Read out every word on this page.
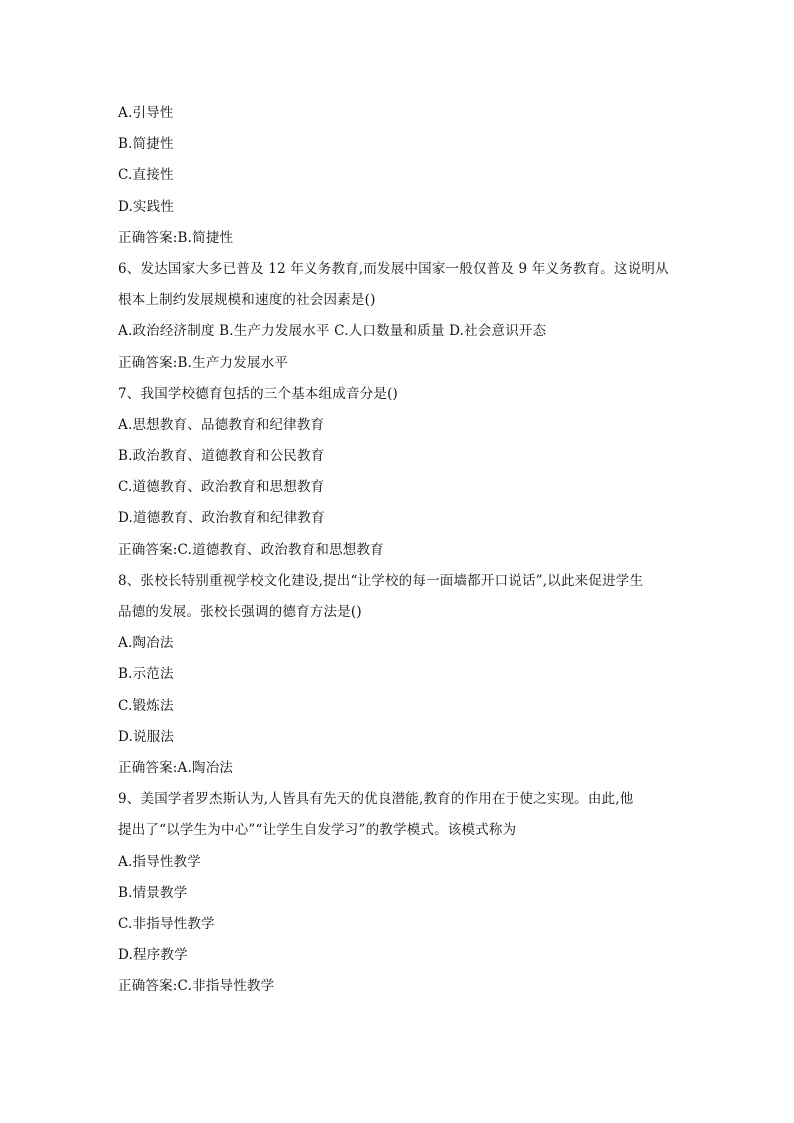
A.引导性
B.简捷性
C.直接性
D.实践性
正确答案:B.简捷性
6、发达国家大多已普及 12 年义务教育,而发展中国家一般仅普及 9 年义务教育。这说明从
根本上制约发展规模和速度的社会因素是()
A.政治经济制度 B.生产力发展水平 C.人口数量和质量 D.社会意识开态
正确答案:B.生产力发展水平
7、我国学校德育包括的三个基本组成音分是()
A.思想教育、品德教育和纪律教育
B.政治教育、道德教育和公民教育
C.道德教育、政治教育和思想教育
D.道德教育、政治教育和纪律教育
正确答案:C.道德教育、政治教育和思想教育
8、张校长特别重视学校文化建设,提出“让学校的每一面墙都开口说话”,以此来促进学生
品德的发展。张校长强调的德育方法是()
A.陶冶法
B.示范法
C.锻炼法
D.说服法
正确答案:A.陶冶法
9、美国学者罗杰斯认为,人皆具有先天的优良潜能,教育的作用在于使之实现。由此,他
提出了“以学生为中心”“让学生自发学习”的教学模式。该模式称为
A.指导性教学
B.情景教学
C.非指导性教学
D.程序教学
正确答案:C.非指导性教学
